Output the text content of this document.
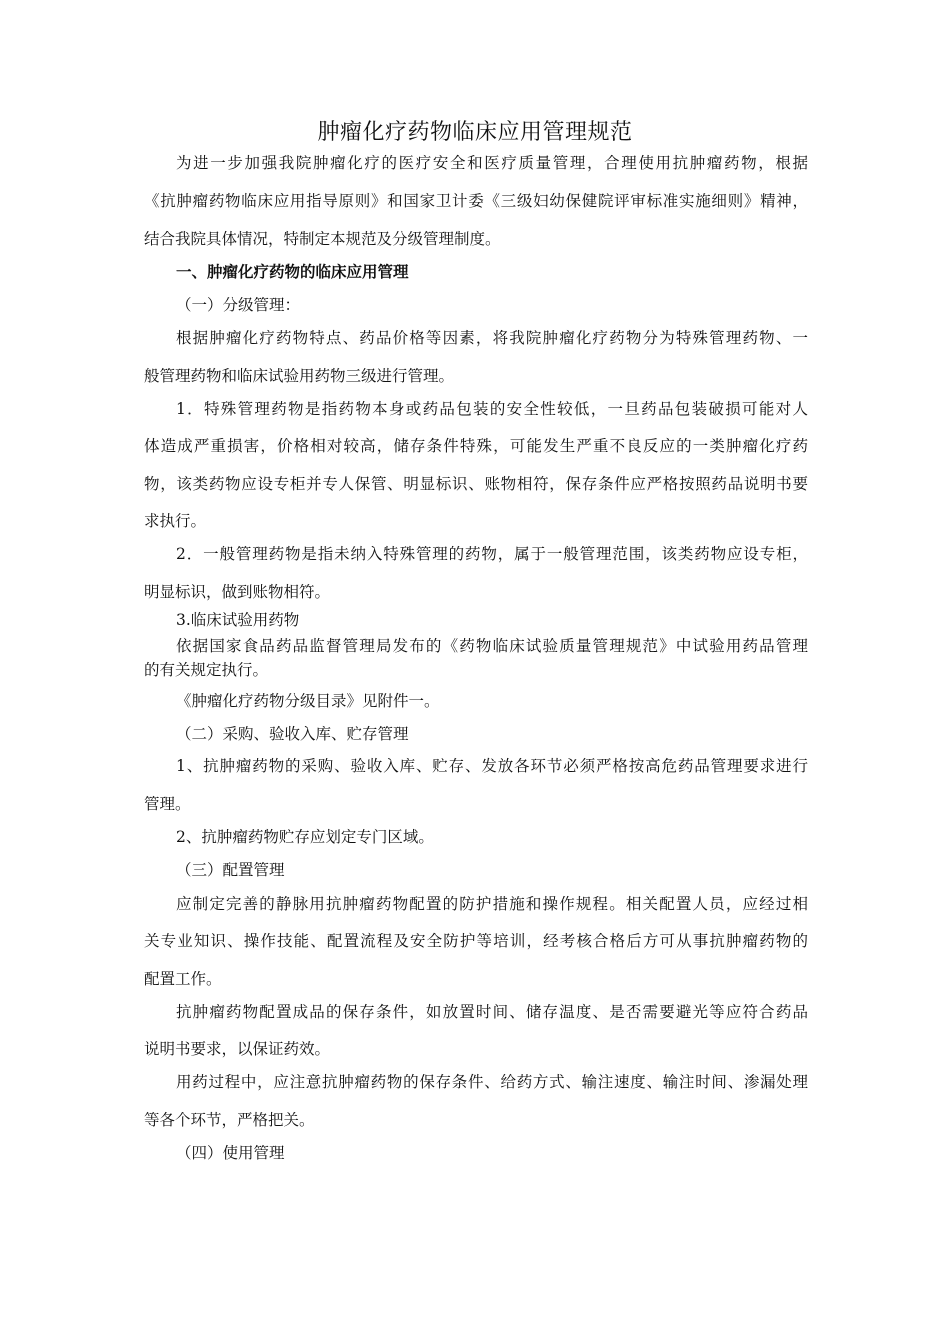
肿瘤化疗药物临床应用管理规范
为进一步加强我院肿瘤化疗的医疗安全和医疗质量管理，合理使用抗肿瘤药物，根据
《抗肿瘤药物临床应用指导原则》和国家卫计委《三级妇幼保健院评审标准实施细则》精神，
结合我院具体情况，特制定本规范及分级管理制度。
一、肿瘤化疗药物的临床应用管理
（一）分级管理：
根据肿瘤化疗药物特点、药品价格等因素，将我院肿瘤化疗药物分为特殊管理药物、一
般管理药物和临床试验用药物三级进行管理。
1．特殊管理药物是指药物本身或药品包装的安全性较低，一旦药品包装破损可能对人
体造成严重损害，价格相对较高，储存条件特殊，可能发生严重不良反应的一类肿瘤化疗药
物，该类药物应设专柜并专人保管、明显标识、账物相符，保存条件应严格按照药品说明书要
求执行。
2．一般管理药物是指未纳入特殊管理的药物，属于一般管理范围，该类药物应设专柜，
明显标识，做到账物相符。
3.临床试验用药物
依据国家食品药品监督管理局发布的《药物临床试验质量管理规范》中试验用药品管理
的有关规定执行。
《肿瘤化疗药物分级目录》见附件一。
（二）采购、验收入库、贮存管理
1、抗肿瘤药物的采购、验收入库、贮存、发放各环节必须严格按高危药品管理要求进行
管理。
2、抗肿瘤药物贮存应划定专门区域。
（三）配置管理
应制定完善的静脉用抗肿瘤药物配置的防护措施和操作规程。相关配置人员，应经过相
关专业知识、操作技能、配置流程及安全防护等培训，经考核合格后方可从事抗肿瘤药物的
配置工作。
抗肿瘤药物配置成品的保存条件，如放置时间、储存温度、是否需要避光等应符合药品
说明书要求，以保证药效。
用药过程中，应注意抗肿瘤药物的保存条件、给药方式、输注速度、输注时间、渗漏处理
等各个环节，严格把关。
（四）使用管理
